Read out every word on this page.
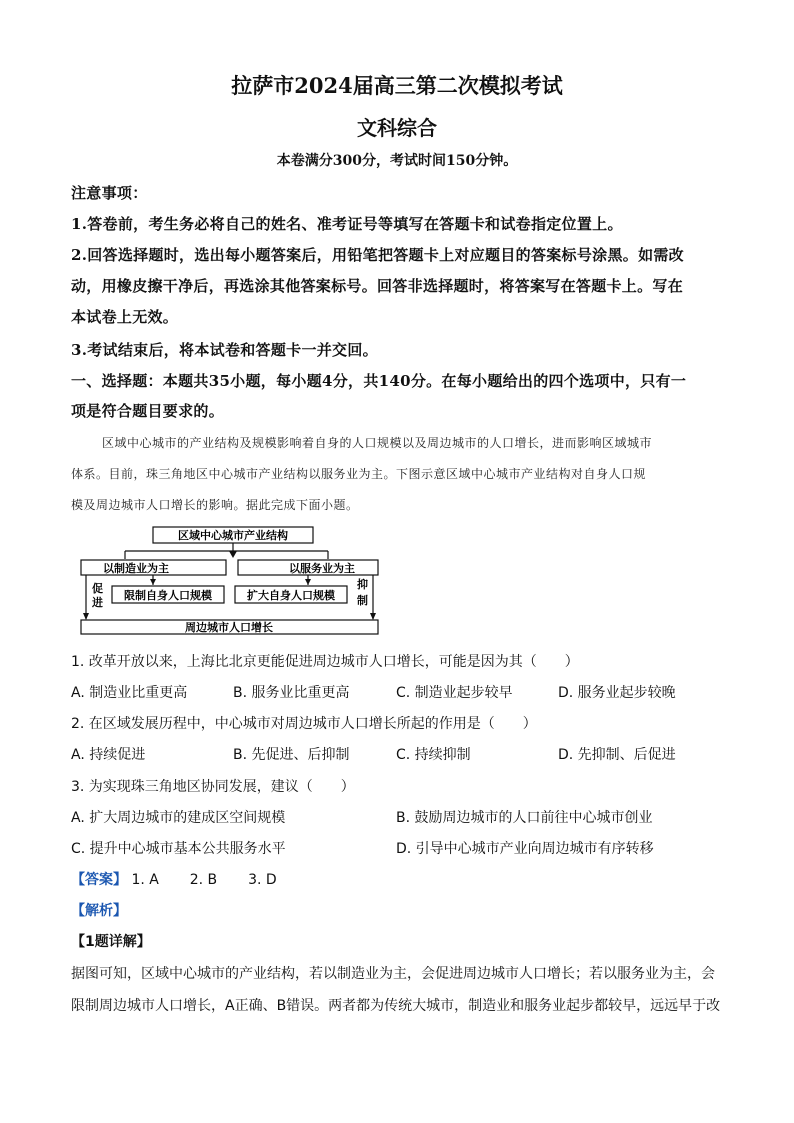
拉萨市2024届高三第二次模拟考试
文科综合
本卷满分300分，考试时间150分钟。
注意事项：
1.答卷前，考生务必将自己的姓名、准考证号等填写在答题卡和试卷指定位置上。
2.回答选择题时，选出每小题答案后，用铅笔把答题卡上对应题目的答案标号涂黑。如需改
动，用橡皮擦干净后，再选涂其他答案标号。回答非选择题时，将答案写在答题卡上。写在
本试卷上无效。
3.考试结束后，将本试卷和答题卡一并交回。
一、选择题：本题共35小题，每小题4分，共140分。在每小题给出的四个选项中，只有一
项是符合题目要求的。
区域中心城市的产业结构及规模影响着自身的人口规模以及周边城市的人口增长，进而影响区域城市
体系。目前，珠三角地区中心城市产业结构以服务业为主。下图示意区域中心城市产业结构对自身人口规
模及周边城市人口增长的影响。据此完成下面小题。
区域中心城市产业结构
以制造业为主	以服务业为主
限制自身人口规模	扩大自身人口规模
周边城市人口增长
促
进
抑
制
1. 改革开放以来，上海比北京更能促进周边城市人口增长，可能是因为其（　　）
A. 制造业比重更高	B. 服务业比重更高	C. 制造业起步较早	D. 服务业起步较晚
2. 在区域发展历程中，中心城市对周边城市人口增长所起的作用是（　　）
A. 持续促进	B. 先促进、后抑制	C. 持续抑制	D. 先抑制、后促进
3. 为实现珠三角地区协同发展，建议（　　）
A. 扩大周边城市的建成区空间规模	B. 鼓励周边城市的人口前往中心城市创业
C. 提升中心城市基本公共服务水平	D. 引导中心城市产业向周边城市有序转移
【答案】 1. A 2. B 3. D
【解析】
【1题详解】
据图可知，区域中心城市的产业结构，若以制造业为主，会促进周边城市人口增长；若以服务业为主，会
限制周边城市人口增长，A正确、B错误。两者都为传统大城市，制造业和服务业起步都较早，远远早于改
